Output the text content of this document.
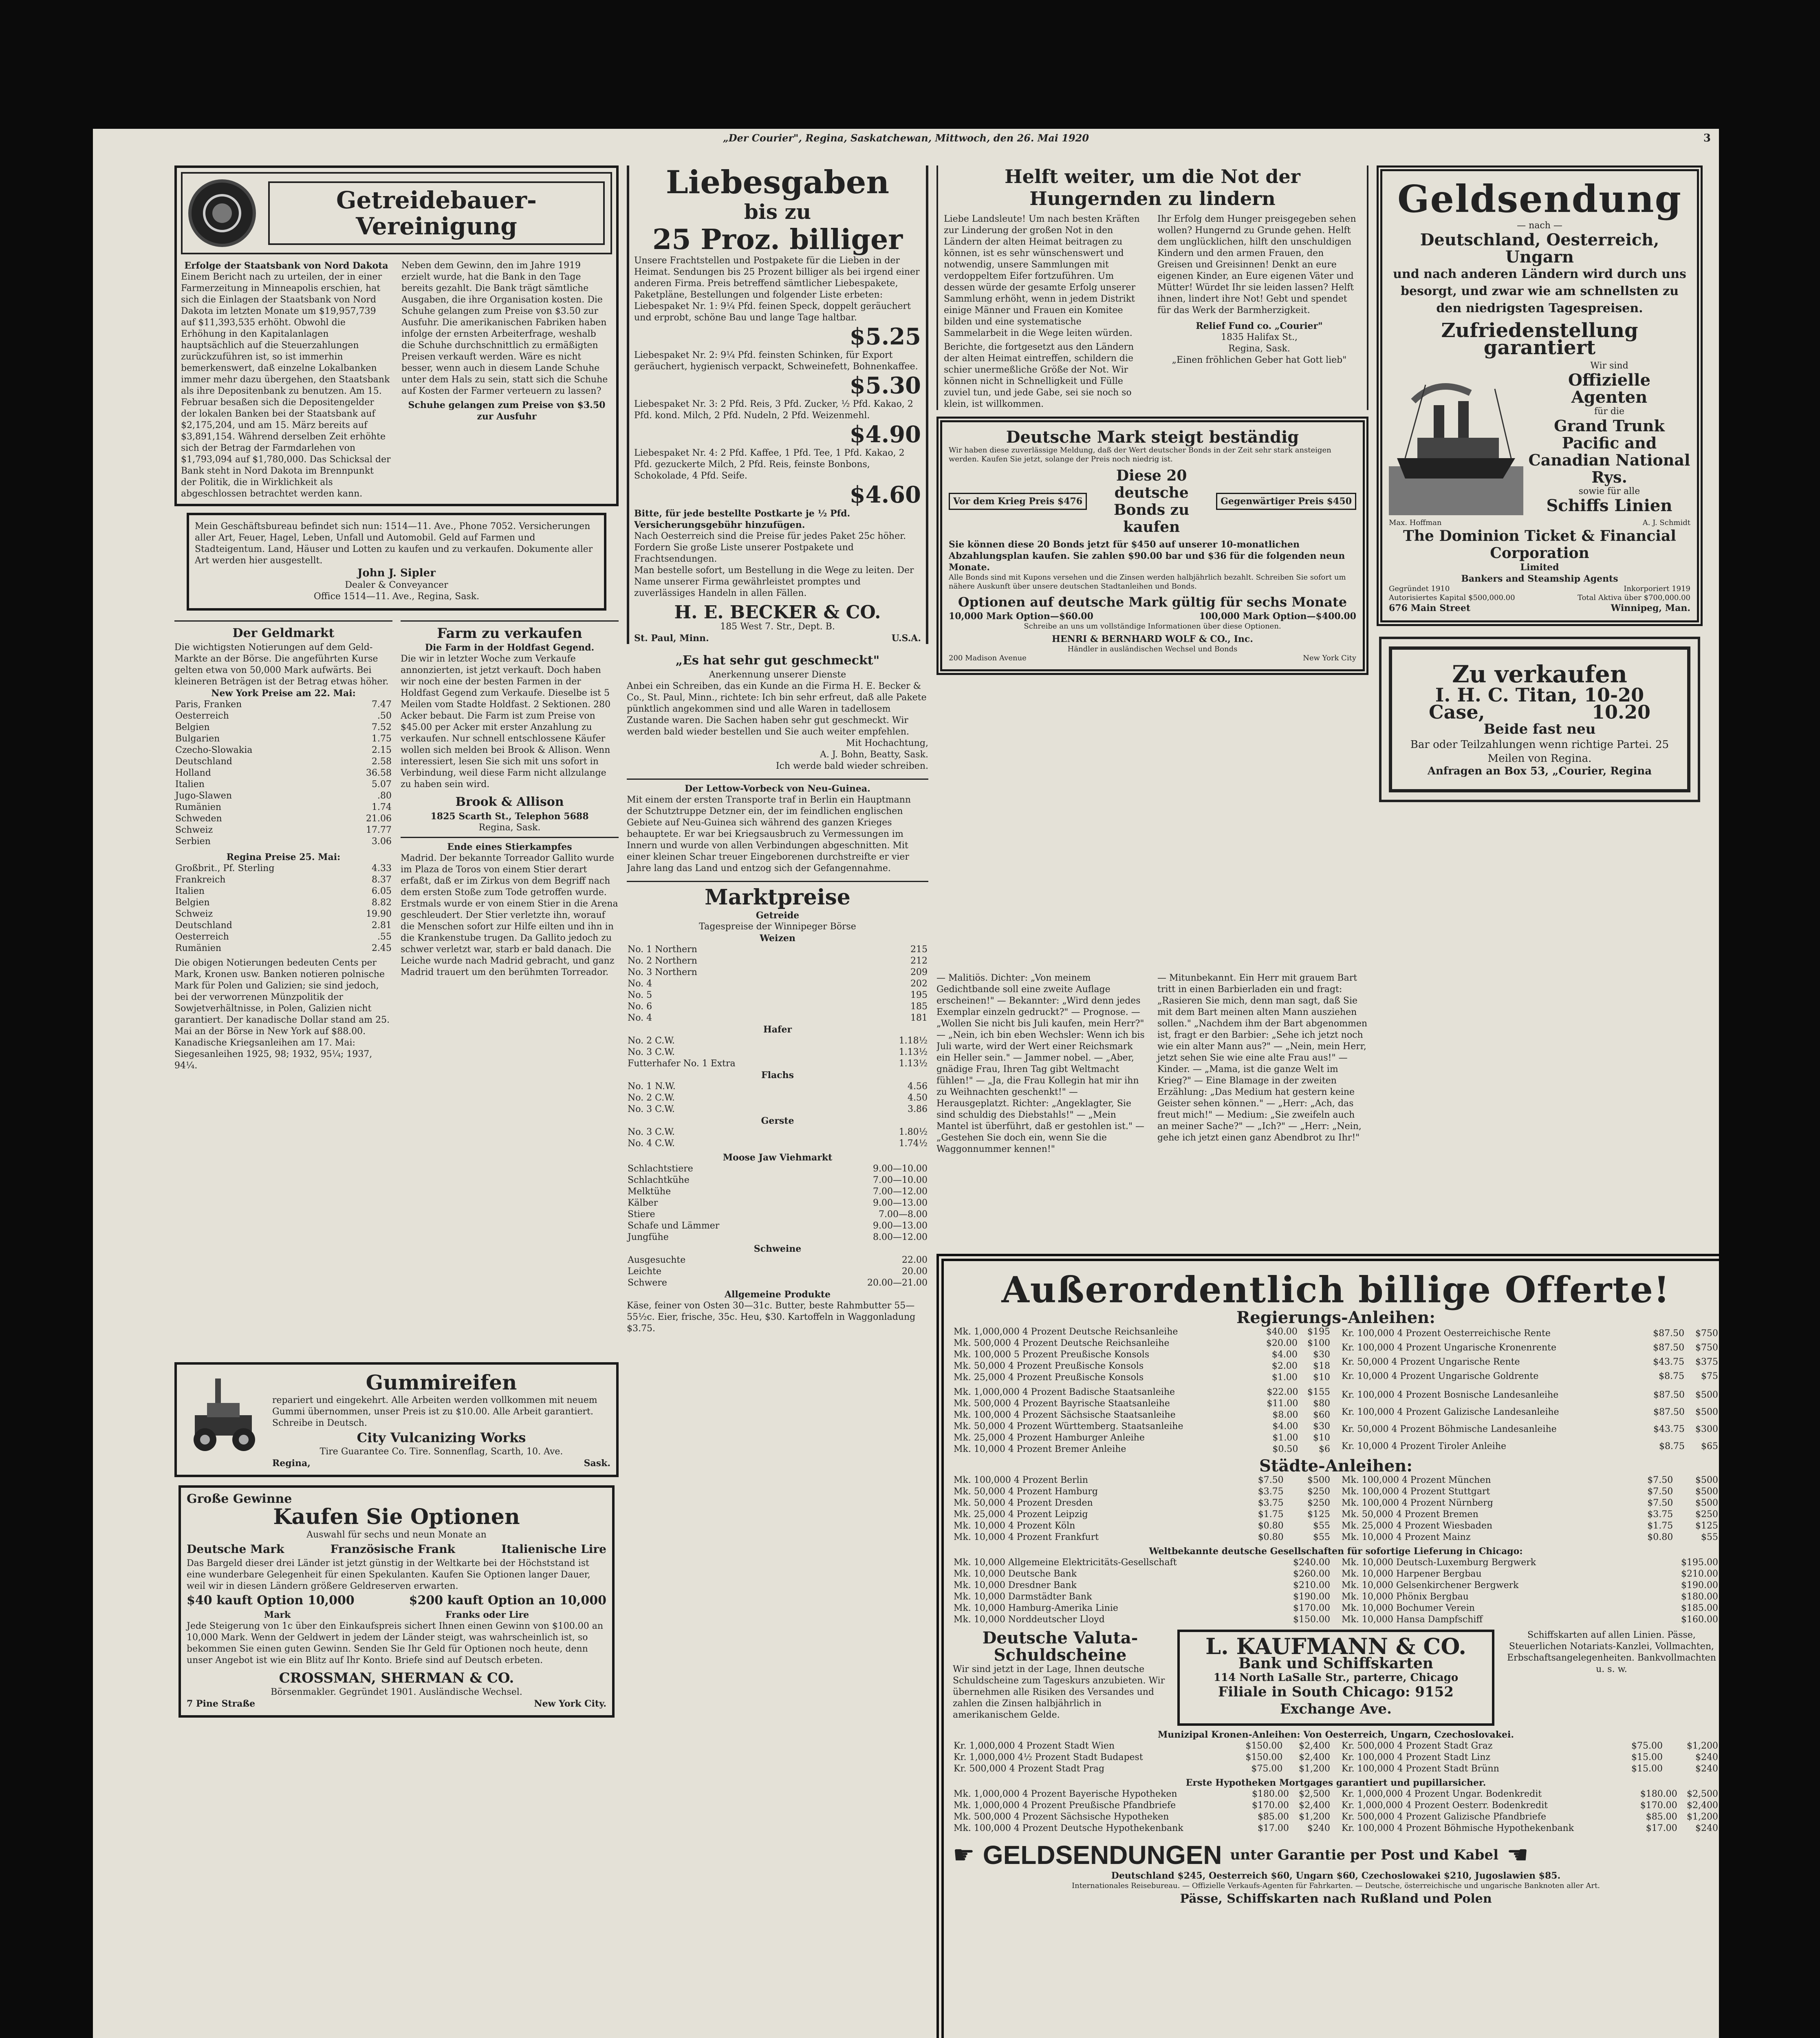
„Der Courier", Regina, Saskatchewan, Mittwoch, den 26. Mai 1920	3
Getreidebauer-Vereinigung
Erfolge der Staatsbank von Nord Dakota
Einem Bericht nach zu urteilen, der in einer Farmerzeitung in Minneapolis erschien, hat sich die Einlagen der Staatsbank von Nord Dakota im letzten Monate um $19,957,739 auf $11,393,535 erhöht. Obwohl die Erhöhung in den Kapitalanlagen hauptsächlich auf die Steuerzahlungen zurückzuführen ist, so ist immerhin bemerkenswert, daß einzelne Lokalbanken immer mehr dazu übergehen, den Staatsbank als ihre Depositenbank zu benutzen. Am 15. Februar besaßen sich die Depositengelder der lokalen Banken bei der Staatsbank auf $2,175,204, und am 15. März bereits auf $3,891,154. Während derselben Zeit erhöhte sich der Betrag der Farmdarlehen von $1,793,094 auf $1,780,000. Das Schicksal der Bank steht in Nord Dakota im Brennpunkt der Politik, die in Wirklichkeit als abgeschlossen betrachtet werden kann.
Neben dem Gewinn, den im Jahre 1919 erzielt wurde, hat die Bank in den Tage bereits gezahlt. Die Bank trägt sämtliche Ausgaben, die ihre Organisation kosten. Die Schuhe gelangen zum Preise von $3.50 zur Ausfuhr. Die amerikanischen Fabriken haben infolge der ernsten Arbeiterfrage, weshalb die Schuhe durchschnittlich zu ermäßigten Preisen verkauft werden. Wäre es nicht besser, wenn auch in diesem Lande Schuhe unter dem Hals zu sein, statt sich die Schuhe auf Kosten der Farmer verteuern zu lassen?
Schuhe gelangen zum Preise von $3.50 zur Ausfuhr
Mein Geschäftsbureau befindet sich nun: 1514—11. Ave., Phone 7052. Versicherungen aller Art, Feuer, Hagel, Leben, Unfall und Automobil. Geld auf Farmen und Stadteigentum. Land, Häuser und Lotten zu kaufen und zu verkaufen. Dokumente aller Art werden hier ausgestellt.
John J. Sipler
Dealer & Conveyancer
Office 1514—11. Ave., Regina, Sask.
Der Geldmarkt
Die wichtigsten Notierungen auf dem Geld-Markte an der Börse. Die angeführten Kurse gelten etwa von 50,000 Mark aufwärts. Bei kleineren Beträgen ist der Betrag etwas höher.
New York Preise am 22. Mai:
Paris, Franken	7.47
Oesterreich	.50
Belgien	7.52
Bulgarien	1.75
Czecho-Slowakia	2.15
Deutschland	2.58
Holland	36.58
Italien	5.07
Jugo-Slawen	.80
Rumänien	1.74
Schweden	21.06
Schweiz	17.77
Serbien	3.06
Regina Preise 25. Mai:
Großbrit., Pf. Sterling	4.33
Frankreich	8.37
Italien	6.05
Belgien	8.82
Schweiz	19.90
Deutschland	2.81
Oesterreich	.55
Rumänien	2.45
Die obigen Notierungen bedeuten Cents per Mark, Kronen usw. Banken notieren polnische Mark für Polen und Galizien; sie sind jedoch, bei der verworrenen Münzpolitik der Sowjetverhältnisse, in Polen, Galizien nicht garantiert. Der kanadische Dollar stand am 25. Mai an der Börse in New York auf $88.00. Kanadische Kriegsanleihen am 17. Mai: Siegesanleihen 1925, 98; 1932, 95¼; 1937, 94¼.
Farm zu verkaufen
Die Farm in der Holdfast Gegend.
Die wir in letzter Woche zum Verkaufe annonzierten, ist jetzt verkauft. Doch haben wir noch eine der besten Farmen in der Holdfast Gegend zum Verkaufe. Dieselbe ist 5 Meilen vom Stadte Holdfast. 2 Sektionen. 280 Acker bebaut. Die Farm ist zum Preise von $45.00 per Acker mit erster Anzahlung zu verkaufen. Nur schnell entschlossene Käufer wollen sich melden bei Brook & Allison. Wenn interessiert, lesen Sie sich mit uns sofort in Verbindung, weil diese Farm nicht allzulange zu haben sein wird.
Brook & Allison
1825 Scarth St., Telephon 5688
Regina, Sask.
Ende eines Stierkampfes
Madrid. Der bekannte Torreador Gallito wurde im Plaza de Toros von einem Stier derart erfaßt, daß er im Zirkus von dem Begriff nach dem ersten Stoße zum Tode getroffen wurde. Erstmals wurde er von einem Stier in die Arena geschleudert. Der Stier verletzte ihn, worauf die Menschen sofort zur Hilfe eilten und ihn in die Krankenstube trugen. Da Gallito jedoch zu schwer verletzt war, starb er bald danach. Die Leiche wurde nach Madrid gebracht, und ganz Madrid trauert um den berühmten Torreador.
Gummireifen
repariert und eingekehrt. Alle Arbeiten werden vollkommen mit neuem Gummi übernommen, unser Preis ist zu $10.00. Alle Arbeit garantiert. Schreibe in Deutsch.
City Vulcanizing Works
Tire Guarantee Co. Tire. Sonnenflag, Scarth, 10. Ave.
Regina,	Sask.
Große Gewinne
Kaufen Sie Optionen
Auswahl für sechs und neun Monate an
Deutsche Mark	Französische Frank	Italienische Lire
Das Bargeld dieser drei Länder ist jetzt günstig in der Weltkarte bei der Höchststand ist eine wunderbare Gelegenheit für einen Spekulanten. Kaufen Sie Optionen langer Dauer, weil wir in diesen Ländern größere Geldreserven erwarten.
$40 kauft Option 10,000	$200 kauft Option an 10,000
Mark	Franks oder Lire
Jede Steigerung von 1c über den Einkaufspreis sichert Ihnen einen Gewinn von $100.00 an 10,000 Mark. Wenn der Geldwert in jedem der Länder steigt, was wahrscheinlich ist, so bekommen Sie einen guten Gewinn. Senden Sie Ihr Geld für Optionen noch heute, denn unser Angebot ist wie ein Blitz auf Ihr Konto. Briefe sind auf Deutsch erbeten.
CROSSMAN, SHERMAN & CO.
Börsenmakler. Gegründet 1901. Ausländische Wechsel.
7 Pine Straße	New York City.
Liebesgaben
bis zu
25 Proz. billiger
Unsere Frachtstellen und Postpakete für die Lieben in der Heimat. Sendungen bis 25 Prozent billiger als bei irgend einer anderen Firma. Preis betreffend sämtlicher Liebespakete, Paketpläne, Bestellungen und folgender Liste erbeten:
Liebespaket Nr. 1: 9¼ Pfd. feinen Speck, doppelt geräuchert und erprobt, schöne Bau und lange Tage haltbar.
$5.25
Liebespaket Nr. 2: 9¼ Pfd. feinsten Schinken, für Export geräuchert, hygienisch verpackt, Schweinefett, Bohnenkaffee.
$5.30
Liebespaket Nr. 3: 2 Pfd. Reis, 3 Pfd. Zucker, ½ Pfd. Kakao, 2 Pfd. kond. Milch, 2 Pfd. Nudeln, 2 Pfd. Weizenmehl.
$4.90
Liebespaket Nr. 4: 2 Pfd. Kaffee, 1 Pfd. Tee, 1 Pfd. Kakao, 2 Pfd. gezuckerte Milch, 2 Pfd. Reis, feinste Bonbons, Schokolade, 4 Pfd. Seife.
$4.60
Bitte, für jede bestellte Postkarte je ½ Pfd. Versicherungsgebühr hinzufügen.
Nach Oesterreich sind die Preise für jedes Paket 25c höher. Fordern Sie große Liste unserer Postpakete und Frachtsendungen.
Man bestelle sofort, um Bestellung in die Wege zu leiten. Der Name unserer Firma gewährleistet promptes und zuverlässiges Handeln in allen Fällen.
H. E. BECKER & CO.
185 West 7. Str., Dept. B.
St. Paul, Minn.	U.S.A.
„Es hat sehr gut geschmeckt"
Anerkennung unserer Dienste
Anbei ein Schreiben, das ein Kunde an die Firma H. E. Becker & Co., St. Paul, Minn., richtete: Ich bin sehr erfreut, daß alle Pakete pünktlich angekommen sind und alle Waren in tadellosem Zustande waren. Die Sachen haben sehr gut geschmeckt. Wir werden bald wieder bestellen und Sie auch weiter empfehlen.
Mit Hochachtung,
A. J. Bohn, Beatty, Sask.
Ich werde bald wieder schreiben.
Der Lettow-Vorbeck von Neu-Guinea.
Mit einem der ersten Transporte traf in Berlin ein Hauptmann der Schutztruppe Detzner ein, der im feindlichen englischen Gebiete auf Neu-Guinea sich während des ganzen Krieges behauptete. Er war bei Kriegsausbruch zu Vermessungen im Innern und wurde von allen Verbindungen abgeschnitten. Mit einer kleinen Schar treuer Eingeborenen durchstreifte er vier Jahre lang das Land und entzog sich der Gefangennahme.
Marktpreise
Getreide
Tagespreise der Winnipeger Börse
Weizen
No. 1 Northern	215
No. 2 Northern	212
No. 3 Northern	209
No. 4	202
No. 5	195
No. 6	185
No. 4	181
Hafer
No. 2 C.W.	1.18½
No. 3 C.W.	1.13½
Futterhafer No. 1 Extra	1.13½
Flachs
No. 1 N.W.	4.56
No. 2 C.W.	4.50
No. 3 C.W.	3.86
Gerste
No. 3 C.W.	1.80½
No. 4 C.W.	1.74½
Moose Jaw Viehmarkt
Schlachtstiere	9.00—10.00
Schlachtkühe	7.00—10.00
Melktühe	7.00—12.00
Kälber	9.00—13.00
Stiere	7.00—8.00
Schafe und Lämmer	9.00—13.00
Jungfühe	8.00—12.00
Schweine
Ausgesuchte	22.00
Leichte	20.00
Schwere	20.00—21.00
Allgemeine Produkte
Käse, feiner von Osten 30—31c. Butter, beste Rahmbutter 55—55½c. Eier, frische, 35c. Heu, $30. Kartoffeln in Waggonladung $3.75.
Helft weiter, um die Not der Hungernden zu lindern
Liebe Landsleute! Um nach besten Kräften zur Linderung der großen Not in den Ländern der alten Heimat beitragen zu können, ist es sehr wünschenswert und notwendig, unsere Sammlungen mit verdoppeltem Eifer fortzuführen. Um dessen würde der gesamte Erfolg unserer Sammlung erhöht, wenn in jedem Distrikt einige Männer und Frauen ein Komitee bilden und eine systematische Sammelarbeit in die Wege leiten würden.
Berichte, die fortgesetzt aus den Ländern der alten Heimat eintreffen, schildern die schier unermeßliche Größe der Not. Wir können nicht in Schnelligkeit und Fülle zuviel tun, und jede Gabe, sei sie noch so klein, ist willkommen.
Ihr Erfolg dem Hunger preisgegeben sehen wollen? Hungernd zu Grunde gehen. Helft dem unglücklichen, hilft den unschuldigen Kindern und den armen Frauen, den Greisen und Greisinnen! Denkt an eure eigenen Kinder, an Eure eigenen Väter und Mütter! Würdet Ihr sie leiden lassen? Helft ihnen, lindert ihre Not! Gebt und spendet für das Werk der Barmherzigkeit.
Relief Fund co. „Courier"
1835 Halifax St.,
Regina, Sask.
„Einen fröhlichen Geber hat Gott lieb"
Deutsche Mark steigt beständig
Wir haben diese zuverlässige Meldung, daß der Wert deutscher Bonds in der Zeit sehr stark ansteigen werden. Kaufen Sie jetzt, solange der Preis noch niedrig ist.
Vor dem Krieg Preis $476
Diese 20 deutsche Bonds zu kaufen
Gegenwärtiger Preis $450
Sie können diese 20 Bonds jetzt für $450 auf unserer 10-monatlichen Abzahlungsplan kaufen. Sie zahlen $90.00 bar und $36 für die folgenden neun Monate.
Alle Bonds sind mit Kupons versehen und die Zinsen werden halbjährlich bezahlt. Schreiben Sie sofort um nähere Auskunft über unsere deutschen Stadtanleihen und Bonds.
Optionen auf deutsche Mark gültig für sechs Monate
10,000 Mark Option—$60.00	100,000 Mark Option—$400.00
Schreibe an uns um vollständige Informationen über diese Optionen.
HENRI & BERNHARD WOLF & CO., Inc.
Händler in ausländischen Wechsel und Bonds
200 Madison Avenue	New York City
— Malitiös. Dichter: „Von meinem Gedichtbande soll eine zweite Auflage erscheinen!" — Bekannter: „Wird denn jedes Exemplar einzeln gedruckt?" — Prognose. — „Wollen Sie nicht bis Juli kaufen, mein Herr?" — „Nein, ich bin eben Wechsler: Wenn ich bis Juli warte, wird der Wert einer Reichsmark ein Heller sein." — Jammer nobel. — „Aber, gnädige Frau, Ihren Tag gibt Weltmacht fühlen!" — „Ja, die Frau Kollegin hat mir ihn zu Weihnachten geschenkt!" — Herausgeplatzt. Richter: „Angeklagter, Sie sind schuldig des Diebstahls!" — „Mein Mantel ist überführt, daß er gestohlen ist." — „Gestehen Sie doch ein, wenn Sie die Waggonnummer kennen!"
— Mitunbekannt. Ein Herr mit grauem Bart tritt in einen Barbierladen ein und fragt: „Rasieren Sie mich, denn man sagt, daß Sie mit dem Bart meinen alten Mann ausziehen sollen." „Nachdem ihm der Bart abgenommen ist, fragt er den Barbier: „Sehe ich jetzt noch wie ein alter Mann aus?" — „Nein, mein Herr, jetzt sehen Sie wie eine alte Frau aus!" — Kinder. — „Mama, ist die ganze Welt im Krieg?" — Eine Blamage in der zweiten Erzählung: „Das Medium hat gestern keine Geister sehen können." — „Herr: „Ach, das freut mich!" — Medium: „Sie zweifeln auch an meiner Sache?" — „Ich?" — „Herr: „Nein, gehe ich jetzt einen ganz Abendbrot zu Ihr!"
Geldsendung
— nach —
Deutschland, Oesterreich, Ungarn
und nach anderen Ländern wird durch uns
besorgt, und zwar wie am schnellsten zu
den niedrigsten Tagespreisen.
Zufriedenstellung garantiert
Wir sind
Offizielle Agenten
für die
Grand Trunk Pacific and
Canadian National Rys.
sowie für alle
Schiffs Linien
Max. Hoffman	A. J. Schmidt
The Dominion Ticket & Financial Corporation
Limited
Bankers and Steamship Agents
Gegründet 1910
Autorisiertes Kapital $500,000.00
676 Main Street
Inkorporiert 1919
Total Aktiva über $700,000.00
Winnipeg, Man.
Zu verkaufen
I. H. C. Titan, 10-20
Case,	10.20
Beide fast neu
Bar oder Teilzahlungen wenn richtige Partei. 25 Meilen von Regina.
Anfragen an Box 53, „Courier, Regina
Außerordentlich billige Offerte!
Regierungs-Anleihen:
Mk. 1,000,000 4 Prozent Deutsche Reichsanleihe	$40.00	$195
Mk. 500,000 4 Prozent Deutsche Reichsanleihe	$20.00	$100
Mk. 100,000 5 Prozent Preußische Konsols	$4.00	$30
Mk. 50,000 4 Prozent Preußische Konsols	$2.00	$18
Mk. 25,000 4 Prozent Preußische Konsols	$1.00	$10
Kr. 100,000 4 Prozent Oesterreichische Rente	$87.50	$750
Kr. 100,000 4 Prozent Ungarische Kronenrente	$87.50	$750
Kr. 50,000 4 Prozent Ungarische Rente	$43.75	$375
Kr. 10,000 4 Prozent Ungarische Goldrente	$8.75	$75
Mk. 1,000,000 4 Prozent Badische Staatsanleihe	$22.00	$155
Mk. 500,000 4 Prozent Bayrische Staatsanleihe	$11.00	$80
Mk. 100,000 4 Prozent Sächsische Staatsanleihe	$8.00	$60
Mk. 50,000 4 Prozent Württemberg. Staatsanleihe	$4.00	$30
Mk. 25,000 4 Prozent Hamburger Anleihe	$1.00	$10
Mk. 10,000 4 Prozent Bremer Anleihe	$0.50	$6
Kr. 100,000 4 Prozent Bosnische Landesanleihe	$87.50	$500
Kr. 100,000 4 Prozent Galizische Landesanleihe	$87.50	$500
Kr. 50,000 4 Prozent Böhmische Landesanleihe	$43.75	$300
Kr. 10,000 4 Prozent Tiroler Anleihe	$8.75	$65
Städte-Anleihen:
Mk. 100,000 4 Prozent Berlin	$7.50	$500
Mk. 50,000 4 Prozent Hamburg	$3.75	$250
Mk. 50,000 4 Prozent Dresden	$3.75	$250
Mk. 25,000 4 Prozent Leipzig	$1.75	$125
Mk. 10,000 4 Prozent Köln	$0.80	$55
Mk. 10,000 4 Prozent Frankfurt	$0.80	$55
Mk. 100,000 4 Prozent München	$7.50	$500
Mk. 100,000 4 Prozent Stuttgart	$7.50	$500
Mk. 100,000 4 Prozent Nürnberg	$7.50	$500
Mk. 50,000 4 Prozent Bremen	$3.75	$250
Mk. 25,000 4 Prozent Wiesbaden	$1.75	$125
Mk. 10,000 4 Prozent Mainz	$0.80	$55
Weltbekannte deutsche Gesellschaften für sofortige Lieferung in Chicago:
Mk. 10,000 Allgemeine Elektricitäts-Gesellschaft	$240.00
Mk. 10,000 Deutsche Bank	$260.00
Mk. 10,000 Dresdner Bank	$210.00
Mk. 10,000 Darmstädter Bank	$190.00
Mk. 10,000 Hamburg-Amerika Linie	$170.00
Mk. 10,000 Norddeutscher Lloyd	$150.00
Mk. 10,000 Deutsch-Luxemburg Bergwerk	$195.00
Mk. 10,000 Harpener Bergbau	$210.00
Mk. 10,000 Gelsenkirchener Bergwerk	$190.00
Mk. 10,000 Phönix Bergbau	$180.00
Mk. 10,000 Bochumer Verein	$185.00
Mk. 10,000 Hansa Dampfschiff	$160.00
Deutsche Valuta-Schuldscheine
Wir sind jetzt in der Lage, Ihnen deutsche Schuldscheine zum Tageskurs anzubieten. Wir übernehmen alle Risiken des Versandes und zahlen die Zinsen halbjährlich in amerikanischem Gelde.
L. KAUFMANN & CO.
Bank und Schiffskarten
114 North LaSalle Str., parterre, Chicago
Filiale in South Chicago: 9152 Exchange Ave.
Schiffskarten auf allen Linien. Pässe, Steuerlichen Notariats-Kanzlei, Vollmachten, Erbschaftsangelegenheiten. Bankvollmachten u. s. w.
Munizipal Kronen-Anleihen: Von Oesterreich, Ungarn, Czechoslovakei.
Kr. 1,000,000 4 Prozent Stadt Wien	$150.00	$2,400
Kr. 1,000,000 4½ Prozent Stadt Budapest	$150.00	$2,400
Kr. 500,000 4 Prozent Stadt Prag	$75.00	$1,200
Kr. 500,000 4 Prozent Stadt Graz	$75.00	$1,200
Kr. 100,000 4 Prozent Stadt Linz	$15.00	$240
Kr. 100,000 4 Prozent Stadt Brünn	$15.00	$240
Erste Hypotheken Mortgages garantiert und pupillarsicher.
Mk. 1,000,000 4 Prozent Bayerische Hypotheken	$180.00	$2,500
Mk. 1,000,000 4 Prozent Preußische Pfandbriefe	$170.00	$2,400
Mk. 500,000 4 Prozent Sächsische Hypotheken	$85.00	$1,200
Mk. 100,000 4 Prozent Deutsche Hypothekenbank	$17.00	$240
Kr. 1,000,000 4 Prozent Ungar. Bodenkredit	$180.00	$2,500
Kr. 1,000,000 4 Prozent Oesterr. Bodenkredit	$170.00	$2,400
Kr. 500,000 4 Prozent Galizische Pfandbriefe	$85.00	$1,200
Kr. 100,000 4 Prozent Böhmische Hypothekenbank	$17.00	$240
☛ GELDSENDUNGEN unter Garantie per Post und Kabel ☚
Deutschland $245, Oesterreich $60, Ungarn $60, Czechoslowakei $210, Jugoslawien $85.
Internationales Reisebureau. — Offizielle Verkaufs-Agenten für Fahrkarten. — Deutsche, österreichische und ungarische Banknoten aller Art.
Pässe, Schiffskarten nach Rußland und Polen
